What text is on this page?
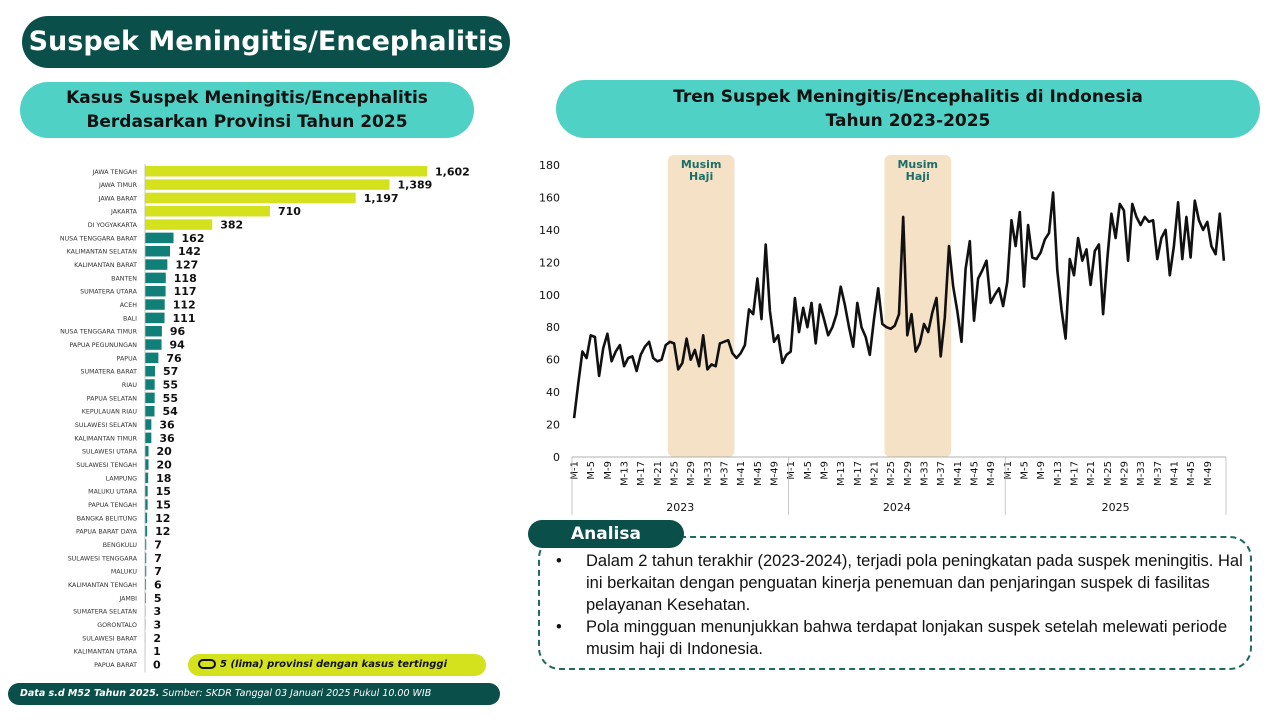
Suspek Meningitis/Encephalitis
Kasus Suspek Meningitis/Encephalitis
Berdasarkan Provinsi Tahun 2025
Tren Suspek Meningitis/Encephalitis di Indonesia
Tahun 2023-2025
JAWA TENGAH	1,602
JAWA TIMUR	1,389
JAWA BARAT	1,197
JAKARTA	710
DI YOGYAKARTA	382
NUSA TENGGARA BARAT	162
KALIMANTAN SELATAN	142
KALIMANTAN BARAT	127
BANTEN	118
SUMATERA UTARA	117
ACEH	112
BALI	111
NUSA TENGGARA TIMUR	96
PAPUA PEGUNUNGAN	94
PAPUA	76
SUMATERA BARAT 57
RIAU 55
PAPUA SELATAN 55
KEPULAUAN RIAU 54
SULAWESI SELATAN 36
KALIMANTAN TIMUR 36
SULAWESI UTARA 20
SULAWESI TENGAH 20
LAMPUNG 18
MALUKU UTARA 15
PAPUA TENGAH 15
BANGKA BELITUNG 12
PAPUA BARAT DAYA 12
BENGKULU 7
SULAWESI TENGGARA 7
MALUKU 7
KALIMANTAN TENGAH 6
JAMBI 5
SUMATERA SELATAN 3
GORONTALO 3
SULAWESI BARAT 2
KALIMANTAN UTARA 1
PAPUA BARAT 0	5 (lima) provinsi dengan kasus tertinggi
Musim
Haji
Musim
Haji
0
20
40
60
80
100
120
140
160
180
M-1 M-5 M-9 M-13 M-17 M-21 M-25 M-29 M-33 M-37 M-41 M-45 M-49 M-1 M-5 M-9 M-13 M-17 M-21 M-25 M-29 M-33 M-37 M-41 M-45 M-49 M-1 M-5 M-9 M-13 M-17 M-21 M-25 M-29 M-33 M-37 M-41 M-45 M-49
2023	2024	2025
Analisa
• Dalam 2 tahun terakhir (2023-2024), terjadi pola peningkatan pada suspek meningitis. Hal ini berkaitan dengan penguatan kinerja penemuan dan penjaringan suspek di fasilitas pelayanan Kesehatan.
• Pola mingguan menunjukkan bahwa terdapat lonjakan suspek setelah melewati periode musim haji di Indonesia.
Data s.d M52 Tahun 2025. Sumber: SKDR Tanggal 03 Januari 2025 Pukul 10.00 WIB
